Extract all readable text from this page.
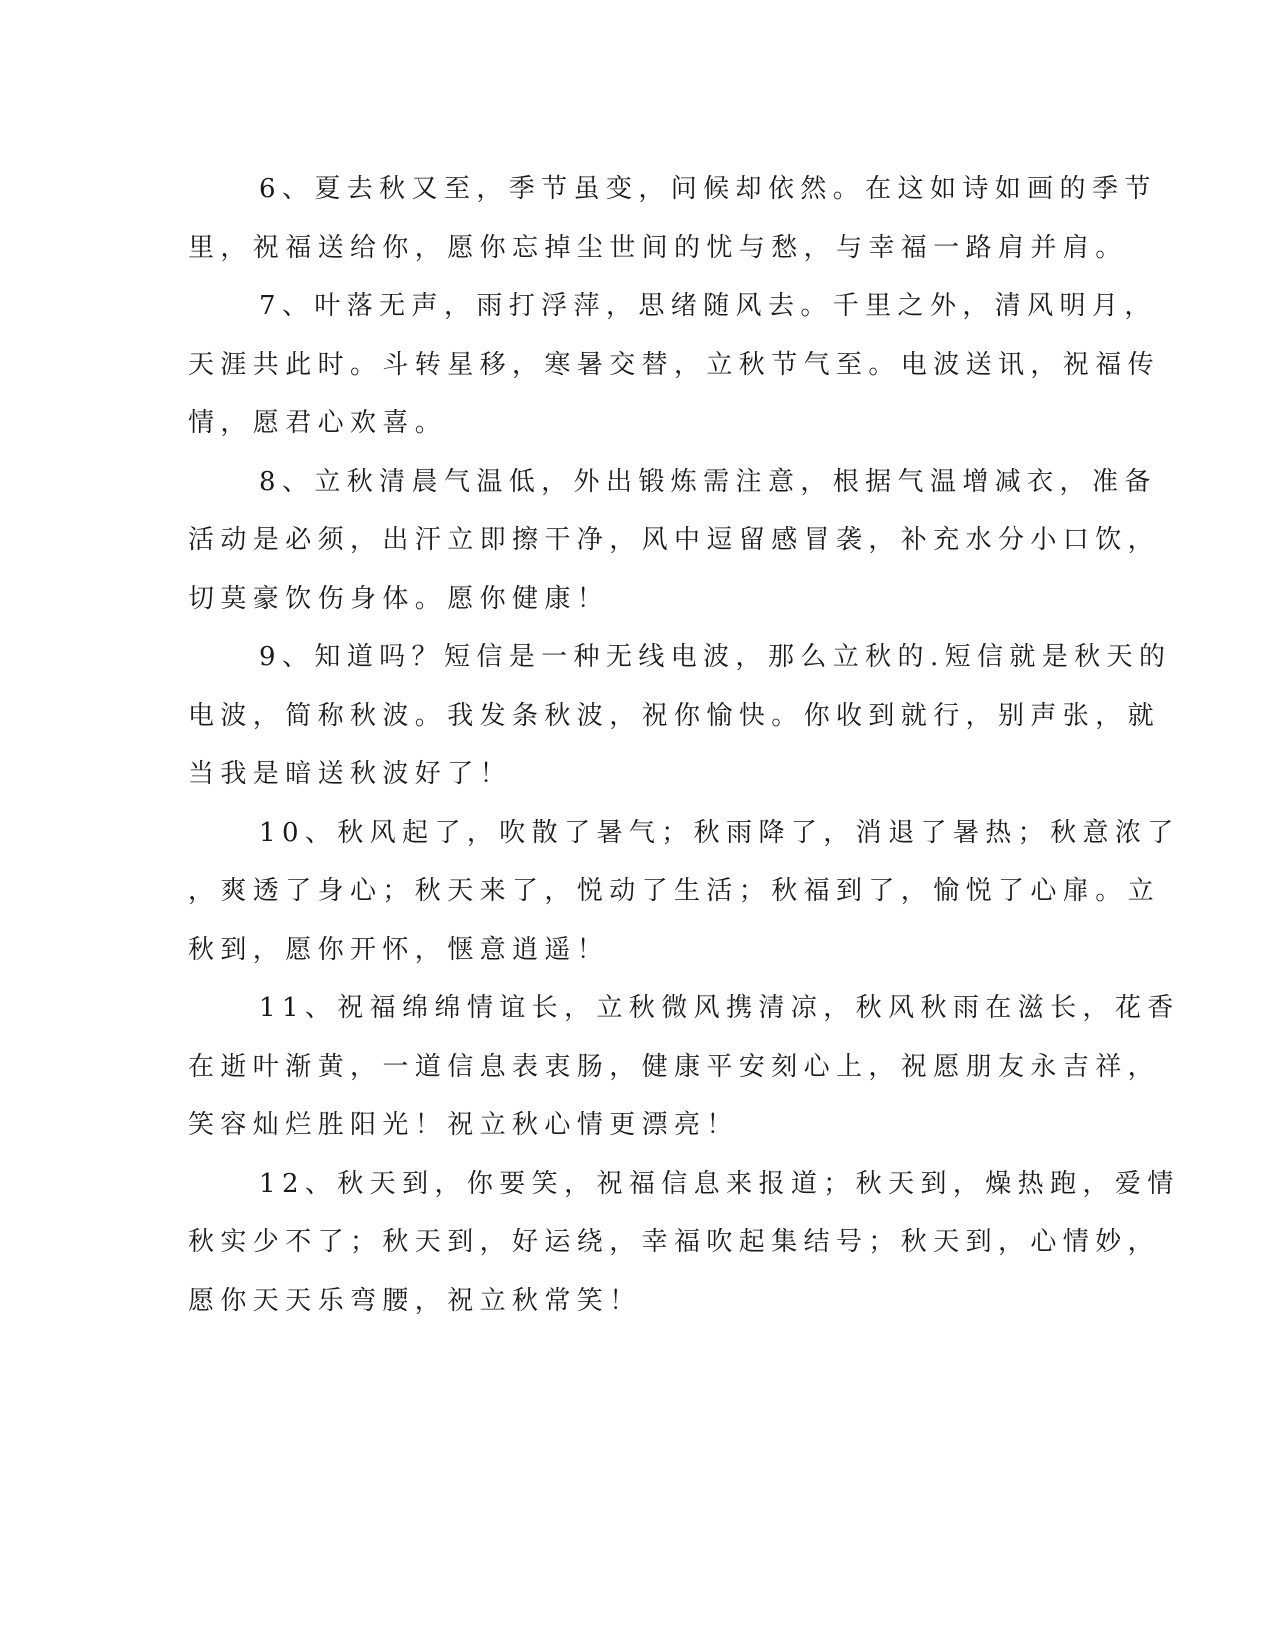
6、夏去秋又至，季节虽变，问候却依然。在这如诗如画的季节
里，祝福送给你，愿你忘掉尘世间的忧与愁，与幸福一路肩并肩。
7、叶落无声，雨打浮萍，思绪随风去。千里之外，清风明月，
天涯共此时。斗转星移，寒暑交替，立秋节气至。电波送讯，祝福传
情，愿君心欢喜。
8、立秋清晨气温低，外出锻炼需注意，根据气温增减衣，准备
活动是必须，出汗立即擦干净，风中逗留感冒袭，补充水分小口饮，
切莫豪饮伤身体。愿你健康！
9、知道吗？短信是一种无线电波，那么立秋的.短信就是秋天的
电波，简称秋波。我发条秋波，祝你愉快。你收到就行，别声张，就
当我是暗送秋波好了！
10、秋风起了，吹散了暑气；秋雨降了，消退了暑热；秋意浓了
，爽透了身心；秋天来了，悦动了生活；秋福到了，愉悦了心扉。立
秋到，愿你开怀，惬意逍遥！
11、祝福绵绵情谊长，立秋微风携清凉，秋风秋雨在滋长，花香
在逝叶渐黄，一道信息表衷肠，健康平安刻心上，祝愿朋友永吉祥，
笑容灿烂胜阳光！祝立秋心情更漂亮！
12、秋天到，你要笑，祝福信息来报道；秋天到，燥热跑，爱情
秋实少不了；秋天到，好运绕，幸福吹起集结号；秋天到，心情妙，
愿你天天乐弯腰，祝立秋常笑！
